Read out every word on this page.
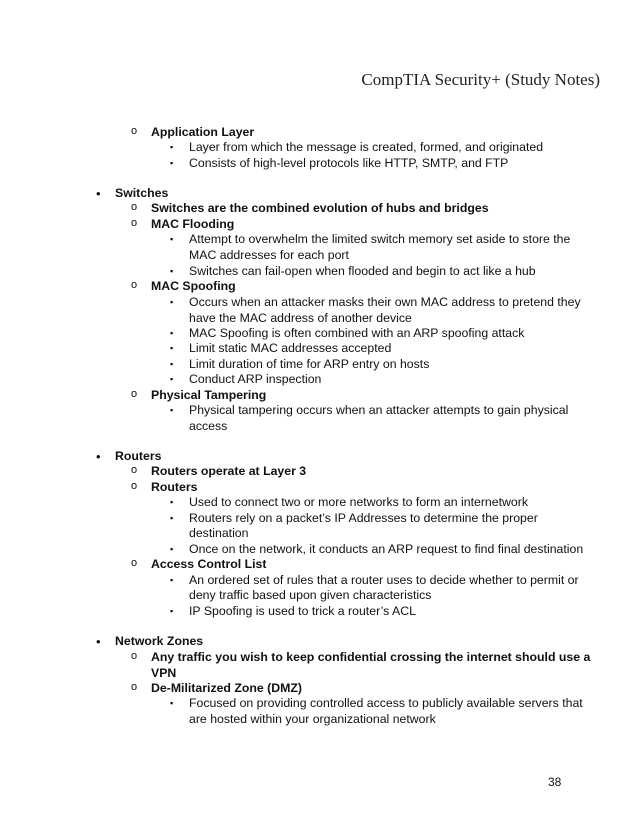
CompTIA Security+ (Study Notes)
o Application Layer
▪ Layer from which the message is created, formed, and originated
▪ Consists of high-level protocols like HTTP, SMTP, and FTP
• Switches
o Switches are the combined evolution of hubs and bridges
o MAC Flooding
▪ Attempt to overwhelm the limited switch memory set aside to store the
MAC addresses for each port
▪ Switches can fail-open when flooded and begin to act like a hub
o MAC Spoofing
▪ Occurs when an attacker masks their own MAC address to pretend they
have the MAC address of another device
▪ MAC Spoofing is often combined with an ARP spoofing attack
▪ Limit static MAC addresses accepted
▪ Limit duration of time for ARP entry on hosts
▪ Conduct ARP inspection
o Physical Tampering
▪ Physical tampering occurs when an attacker attempts to gain physical
access
• Routers
o Routers operate at Layer 3
o Routers
▪ Used to connect two or more networks to form an internetwork
▪ Routers rely on a packet’s IP Addresses to determine the proper
destination
▪ Once on the network, it conducts an ARP request to find final destination
o Access Control List
▪ An ordered set of rules that a router uses to decide whether to permit or
deny traffic based upon given characteristics
▪ IP Spoofing is used to trick a router’s ACL
• Network Zones
o Any traffic you wish to keep confidential crossing the internet should use a
VPN
o De-Militarized Zone (DMZ)
▪ Focused on providing controlled access to publicly available servers that
are hosted within your organizational network
38
